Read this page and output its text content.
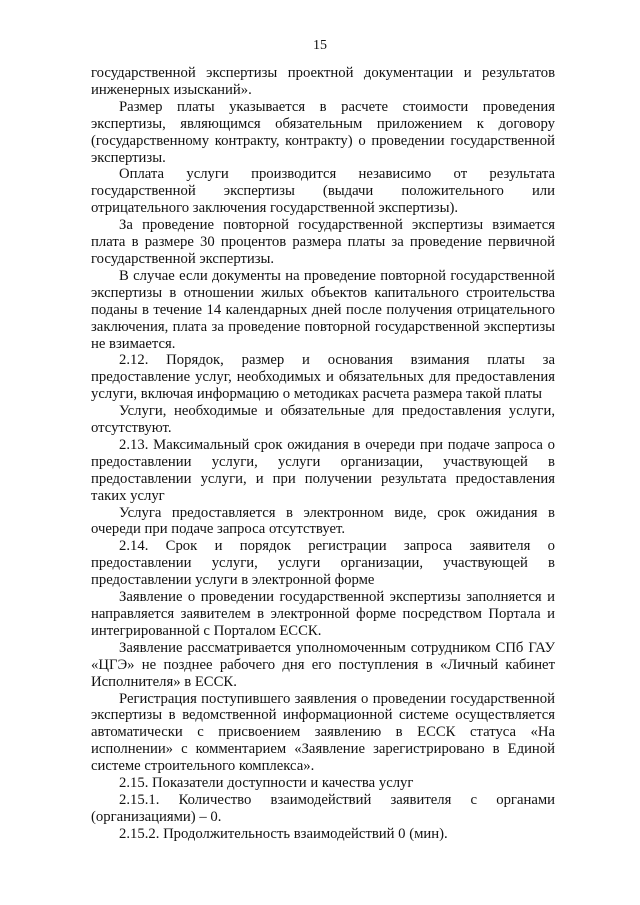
15

государственной экспертизы проектной документации и результатов инженерных изысканий».

Размер платы указывается в расчете стоимости проведения экспертизы, являющимся обязательным приложением к договору (государственному контракту, контракту) о проведении государственной экспертизы.

Оплата услуги производится независимо от результата государственной экспертизы (выдачи положительного или отрицательного заключения государственной экспертизы).

За проведение повторной государственной экспертизы взимается плата в размере 30 процентов размера платы за проведение первичной государственной экспертизы.

В случае если документы на проведение повторной государственной экспертизы в отношении жилых объектов капитального строительства поданы в течение 14 календарных дней после получения отрицательного заключения, плата за проведение повторной государственной экспертизы не взимается.

2.12. Порядок, размер и основания взимания платы за предоставление услуг, необходимых и обязательных для предоставления услуги, включая информацию о методиках расчета размера такой платы

Услуги, необходимые и обязательные для предоставления услуги, отсутствуют.

2.13. Максимальный срок ожидания в очереди при подаче запроса о предоставлении услуги, услуги организации, участвующей в предоставлении услуги, и при получении результата предоставления таких услуг

Услуга предоставляется в электронном виде, срок ожидания в очереди при подаче запроса отсутствует.

2.14. Срок и порядок регистрации запроса заявителя о предоставлении услуги, услуги организации, участвующей в предоставлении услуги в электронной форме

Заявление о проведении государственной экспертизы заполняется и направляется заявителем в электронной форме посредством Портала и интегрированной с Порталом ЕССК.

Заявление рассматривается уполномоченным сотрудником СПб ГАУ «ЦГЭ» не позднее рабочего дня его поступления в «Личный кабинет Исполнителя» в ЕССК.

Регистрация поступившего заявления о проведении государственной экспертизы в ведомственной информационной системе осуществляется автоматически с присвоением заявлению в ЕССК статуса «На исполнении» с комментарием «Заявление зарегистрировано в Единой системе строительного комплекса».

2.15. Показатели доступности и качества услуг

2.15.1. Количество взаимодействий заявителя с органами (организациями) – 0.

2.15.2. Продолжительность взаимодействий 0 (мин).
